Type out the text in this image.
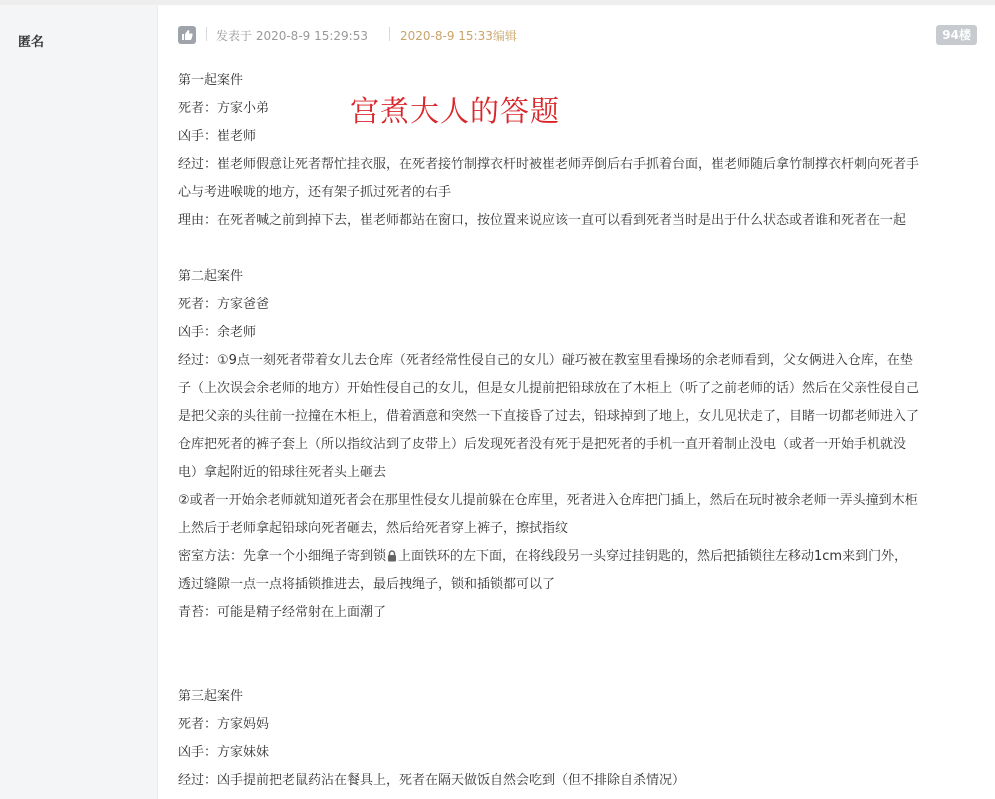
匿名	发表于 2020-8-9 15:29:53	2020-8-9 15:33编辑	94楼
第一起案件
死者：方家小弟
凶手：崔老师
经过：崔老师假意让死者帮忙挂衣服，在死者接竹制撑衣杆时被崔老师弄倒后右手抓着台面，崔老师随后拿竹制撑衣杆刺向死者手
心与考进喉咙的地方，还有架子抓过死者的右手
理由：在死者喊之前到掉下去，崔老师都站在窗口，按位置来说应该一直可以看到死者当时是出于什么状态或者谁和死者在一起
第二起案件
死者：方家爸爸
凶手：余老师
经过：①9点一刻死者带着女儿去仓库（死者经常性侵自己的女儿）碰巧被在教室里看操场的余老师看到，父女俩进入仓库，在垫
子（上次误会余老师的地方）开始性侵自己的女儿，但是女儿提前把铅球放在了木柜上（听了之前老师的话）然后在父亲性侵自己
是把父亲的头往前一拉撞在木柜上，借着酒意和突然一下直接昏了过去，铅球掉到了地上，女儿见状走了，目睹一切都老师进入了
仓库把死者的裤子套上（所以指纹沾到了皮带上）后发现死者没有死于是把死者的手机一直开着制止没电（或者一开始手机就没
电）拿起附近的铅球往死者头上砸去
②或者一开始余老师就知道死者会在那里性侵女儿提前躲在仓库里，死者进入仓库把门插上，然后在玩时被余老师一弄头撞到木柜
上然后于老师拿起铅球向死者砸去，然后给死者穿上裤子，擦拭指纹
密室方法：先拿一个小细绳子寄到锁 上面铁环的左下面，在将线段另一头穿过挂钥匙的，然后把插锁往左移动1cm来到门外，
透过缝隙一点一点将插锁推进去，最后拽绳子，锁和插锁都可以了
青苔：可能是精子经常射在上面潮了
第三起案件
死者：方家妈妈
凶手：方家妹妹
经过：凶手提前把老鼠药沾在餐具上，死者在隔天做饭自然会吃到（但不排除自杀情况）
宫煮大人的答题
